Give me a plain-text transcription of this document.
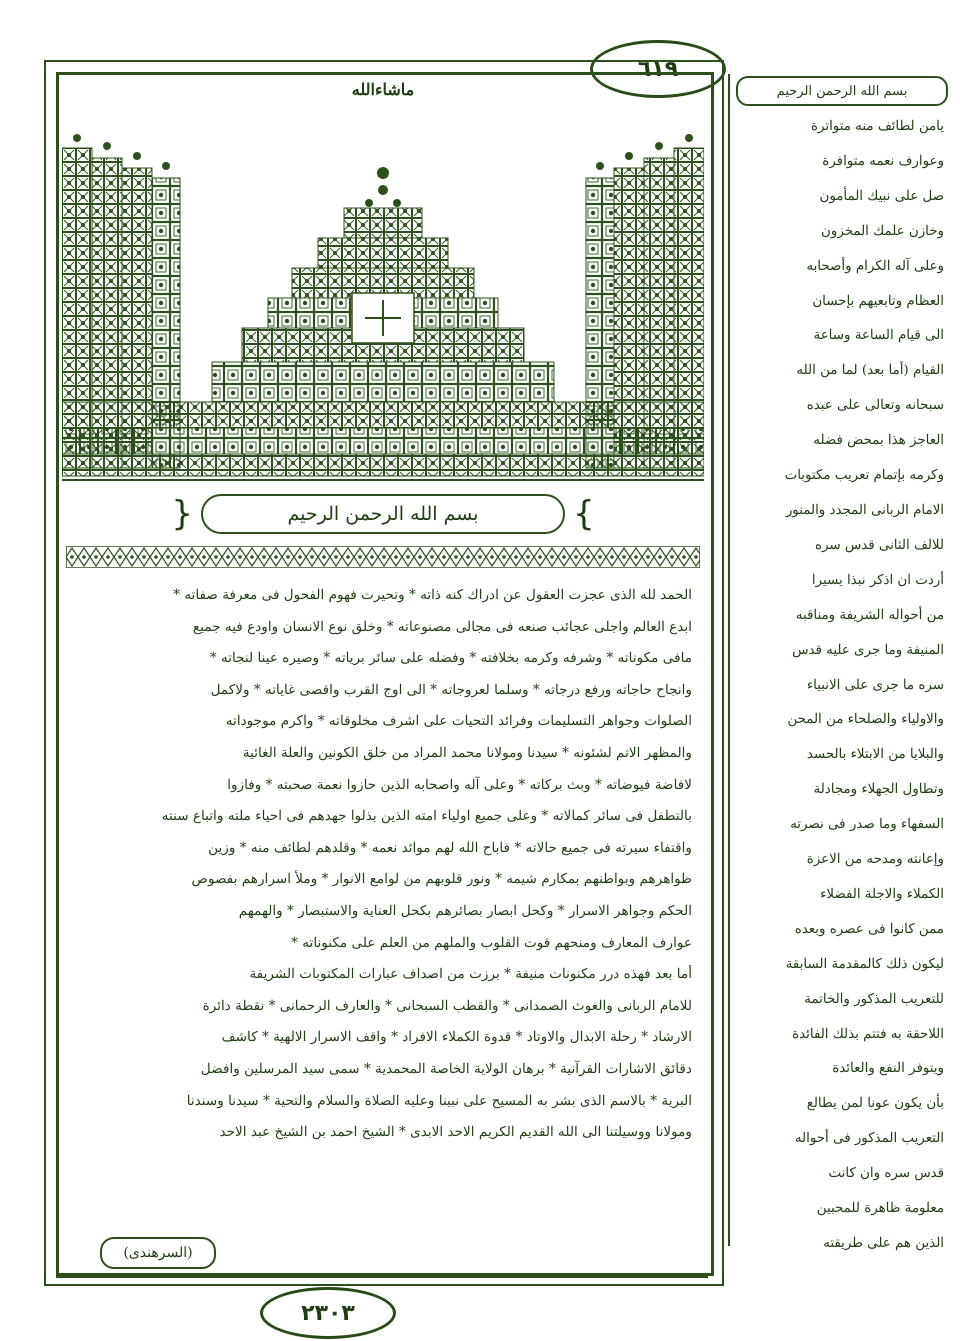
٦١٩
٢٣٠٣
ماشاءالله
}	بسم الله الرحمن الرحيم	{

الحمد لله الذى عجزت العقول عن ادراك كنه ذاته * وتحيرت فهوم الفحول فى معرفة صفاته *

ابدع العالم واجلى عجائب صنعه فى مجالى مصنوعاته * وخلق نوع الانسان واودع فيه جميع

مافى مكوناته * وشرفه وكرمه بخلافته * وفضله على سائر برياته * وصيره عينا لنجاته *

وانجاح حاجاته ورفع درجاته * وسلما لعروجاته * الى اوج القرب واقصى غاياته * ولاكمل

الصلوات وجواهر التسليمات وفرائد التحيات على اشرف مخلوقاته * واكرم موجوداته

والمظهر الاتم لشئونه * سيدنا ومولانا محمد المراد من خلق الكونين والعلة الغائية

لافاضة فيوضاته * وبث بركاته * وعلى آله واصحابه الذين حازوا نعمة صحبته * وفازوا

بالتطفل فى سائر كمالاته * وعلى جميع اولياء امته الذين بذلوا جهدهم فى احياء ملته واتباع سنته

واقتفاء سيرته فى جميع حالاته * فاباح الله لهم موائد نعمه * وقلدهم لطائف منه * وزين

ظواهرهم وبواطنهم بمكارم شيمه * ونور قلوبهم من لوامع الانوار * وملأ اسرارهم بفصوص

الحكم وجواهر الاسرار * وكحل ابصار بصائرهم بكحل العناية والاستبصار * والهمهم

عوارف المعارف ومنحهم قوت القلوب والملهم من العلم على مكنوناته *

أما بعد فهذه درر مكنونات منيفة * برزت من اصداف عبارات المكتوبات الشريفة

للامام الربانى والغوث الصمدانى * والقطب السبحانى * والعارف الرحمانى * نقطة دائرة

الارشاد * رحلة الابدال والاوتاد * قدوة الكملاء الافراد * واقف الاسرار الالهية * كاشف

دقائق الاشارات القرآنية * برهان الولاية الخاصة المحمدية * سمى سيد المرسلين وافضل

البرية * بالاسم الذى بشر به المسيح على نبينا وعليه الصلاة والسلام والتحية * سيدنا وسندنا

ومولانا ووسيلتنا الى الله القديم الكريم الاحد الابدى * الشيخ احمد بن الشيخ عبد الاحد

بسم الله الرحمن الرحيم

يامن لطائف منه متواترة

وعوارف نعمه متوافرة

صل على نبيك المأمون

وخازن علمك المخزون

وعلى آله الكرام وأصحابه

العظام وتابعيهم بإحسان

الى قيام الساعة وساعة

القيام (أما بعد) لما من الله

سبحانه وتعالى على عبده

العاجز هذا بمحض فضله

وكرمه بإتمام تعريب مكتوبات

الامام الربانى المجدد والمنور

للالف الثانى قدس سره

أردت ان اذكر نبذا يسيرا

من أحواله الشريفة ومناقبه

المنيفة وما جرى عليه قدس

سره ما جرى على الانبياء

والاولياء والصلحاء من المحن

والبلايا من الابتلاء بالحسد

وتطاول الجهلاء ومجادلة

السفهاء وما صدر فى نصرته

وإعانته ومدحه من الاعزة

الكملاء والاجلة الفضلاء

ممن كانوا فى عصره وبعده

ليكون ذلك كالمقدمة السابقة

للتعريب المذكور والخاتمة

اللاحقة به فتتم بذلك الفائدة

ويتوفر النفع والعائدة

بأن يكون عونا لمن يطالع

التعريب المذكور فى أحواله

قدس سره وان كانت

معلومة ظاهرة للمحبين

الذين هم على طريقته

(السرهندى)
